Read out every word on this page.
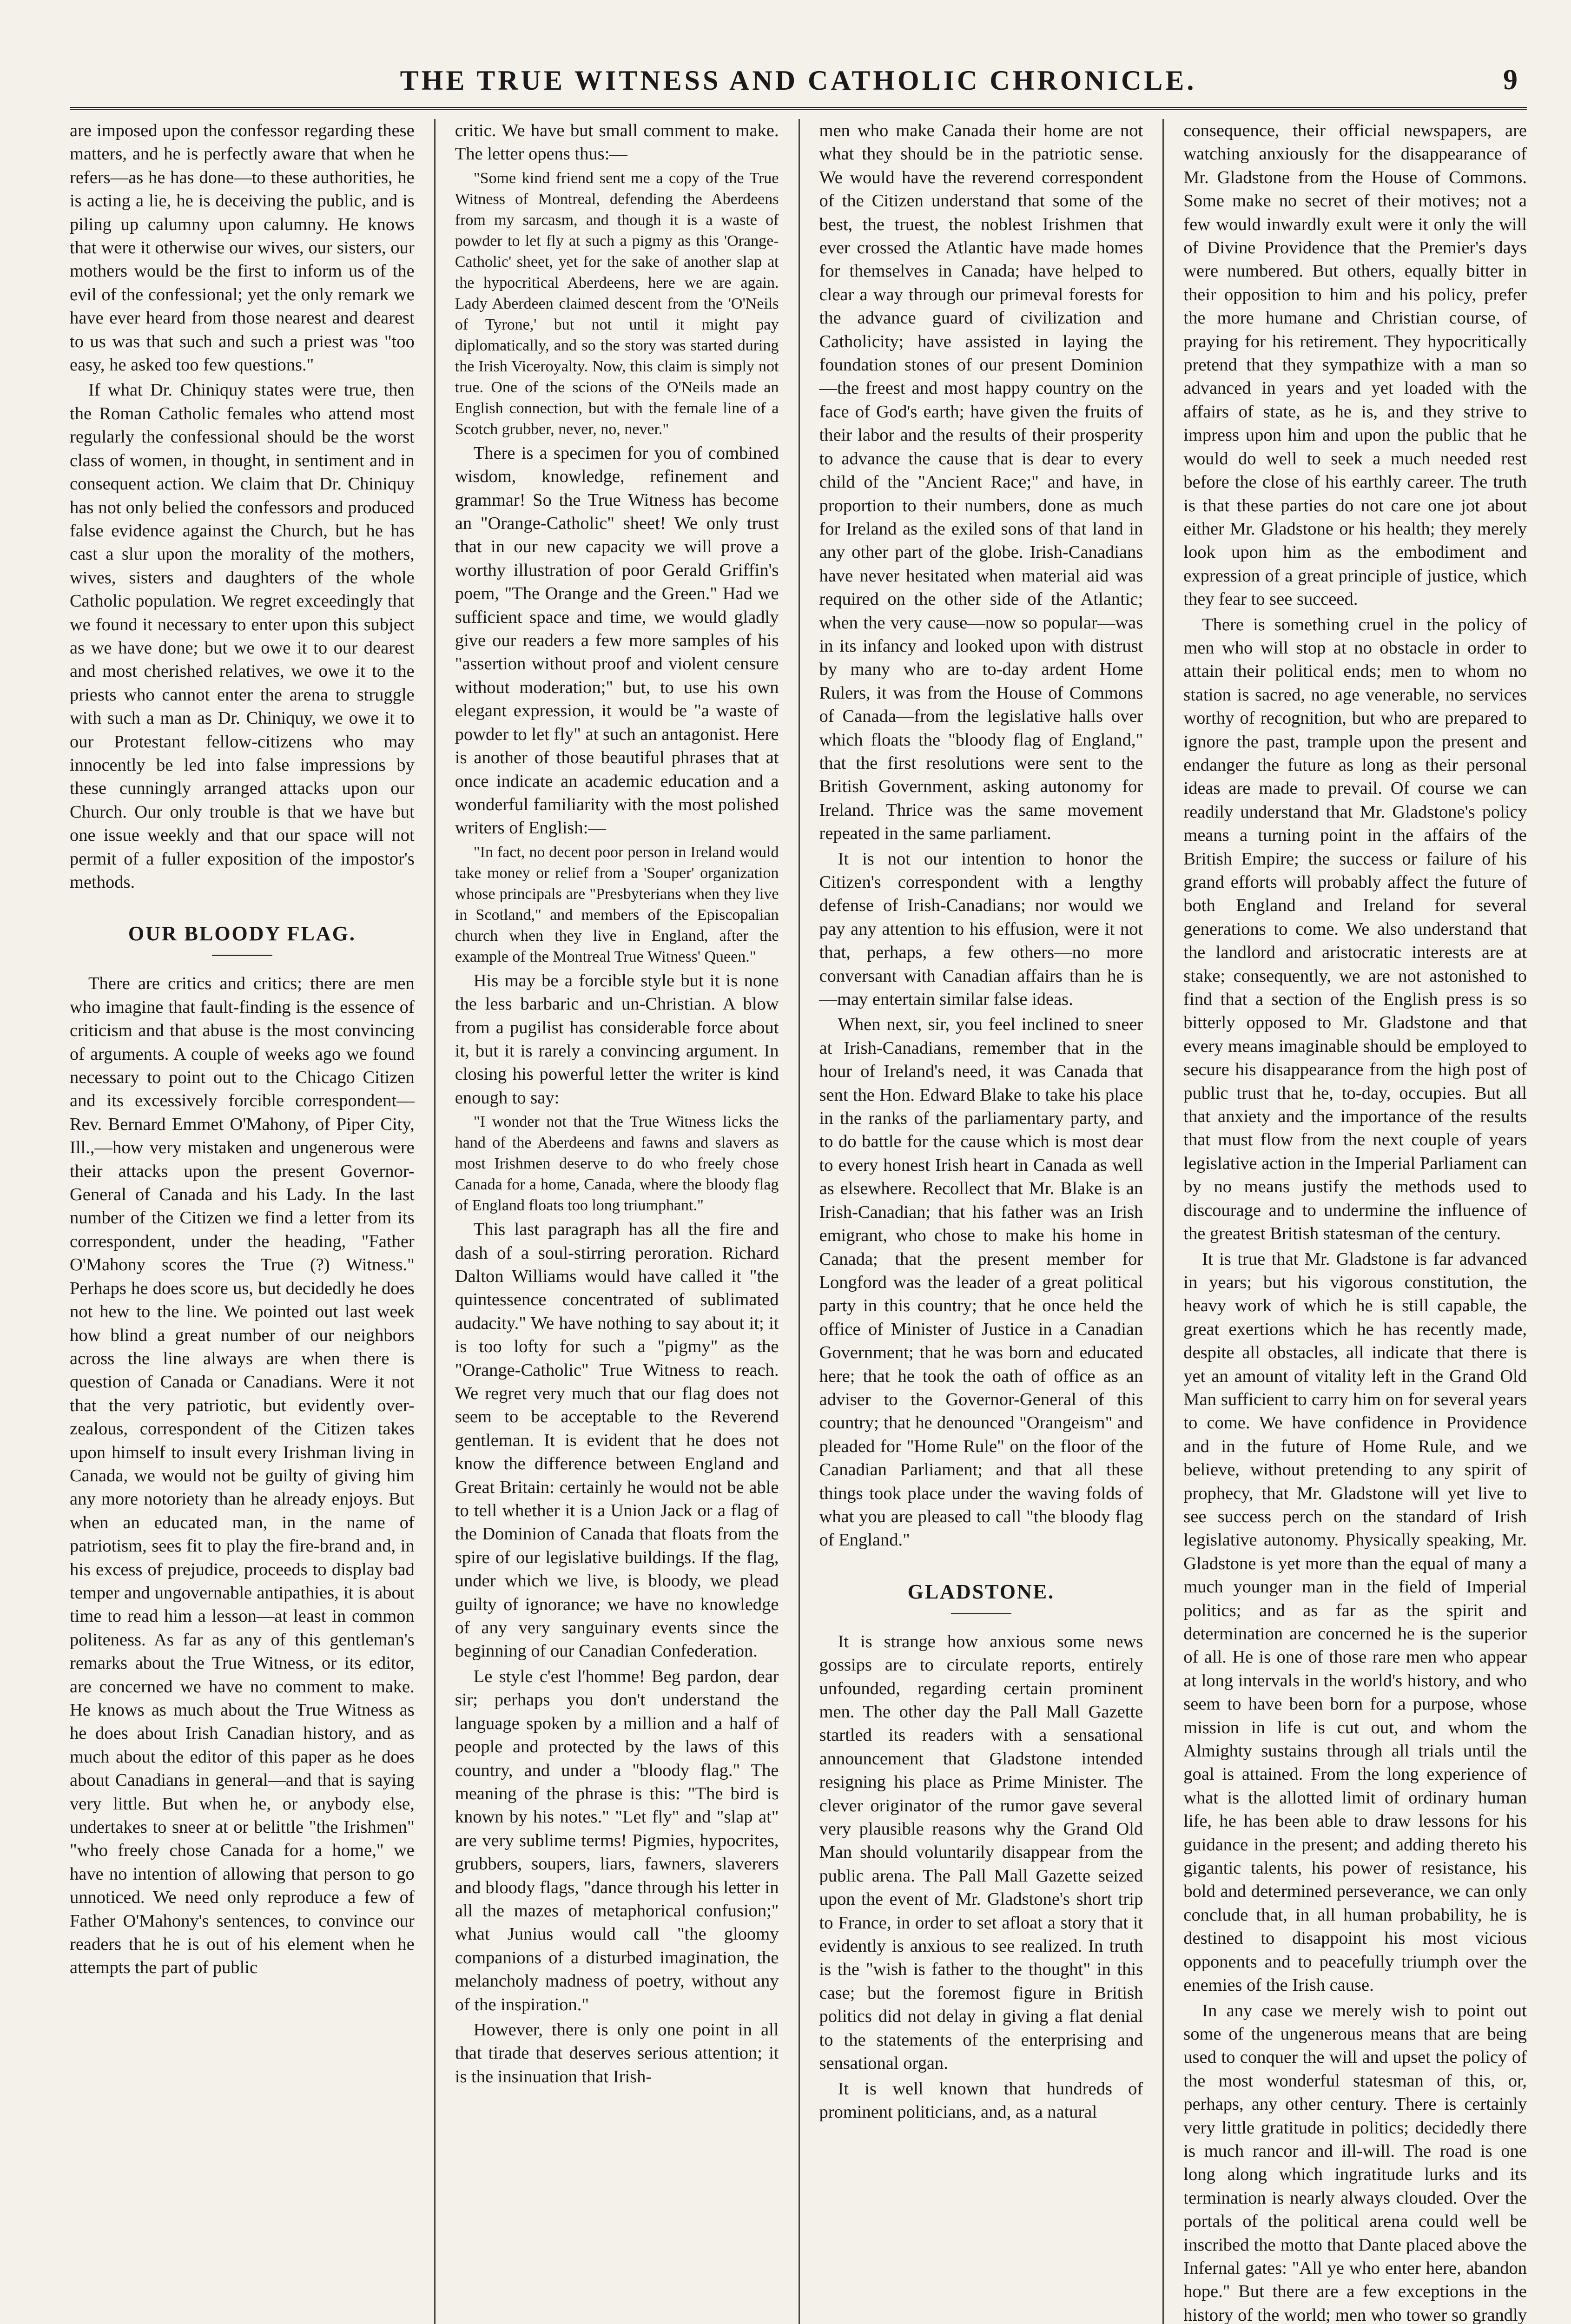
THE TRUE WITNESS AND CATHOLIC CHRONICLE.	9

are imposed upon the confessor regarding these matters, and he is perfectly aware that when he refers—as he has done—to these authorities, he is acting a lie, he is deceiving the public, and is piling up calumny upon calumny. He knows that were it otherwise our wives, our sisters, our mothers would be the first to inform us of the evil of the confessional; yet the only remark we have ever heard from those nearest and dearest to us was that such and such a priest was "too easy, he asked too few questions."

If what Dr. Chiniquy states were true, then the Roman Catholic females who attend most regularly the confessional should be the worst class of women, in thought, in sentiment and in consequent action. We claim that Dr. Chiniquy has not only belied the confessors and produced false evidence against the Church, but he has cast a slur upon the morality of the mothers, wives, sisters and daughters of the whole Catholic population. We regret exceedingly that we found it necessary to enter upon this subject as we have done; but we owe it to our dearest and most cherished relatives, we owe it to the priests who cannot enter the arena to struggle with such a man as Dr. Chiniquy, we owe it to our Protestant fellow-citizens who may innocently be led into false impressions by these cunningly arranged attacks upon our Church. Our only trouble is that we have but one issue weekly and that our space will not permit of a fuller exposition of the impostor's methods.

OUR BLOODY FLAG.

There are critics and critics; there are men who imagine that fault-finding is the essence of criticism and that abuse is the most convincing of arguments. A couple of weeks ago we found necessary to point out to the Chicago Citizen and its excessively forcible correspondent—Rev. Bernard Emmet O'Mahony, of Piper City, Ill.,—how very mistaken and ungenerous were their attacks upon the present Governor-General of Canada and his Lady. In the last number of the Citizen we find a letter from its correspondent, under the heading, "Father O'Mahony scores the True (?) Witness." Perhaps he does score us, but decidedly he does not hew to the line. We pointed out last week how blind a great number of our neighbors across the line always are when there is question of Canada or Canadians. Were it not that the very patriotic, but evidently over-zealous, correspondent of the Citizen takes upon himself to insult every Irishman living in Canada, we would not be guilty of giving him any more notoriety than he already enjoys. But when an educated man, in the name of patriotism, sees fit to play the fire-brand and, in his excess of prejudice, proceeds to display bad temper and ungovernable antipathies, it is about time to read him a lesson—at least in common politeness. As far as any of this gentleman's remarks about the True Witness, or its editor, are concerned we have no comment to make. He knows as much about the True Witness as he does about Irish Canadian history, and as much about the editor of this paper as he does about Canadians in general—and that is saying very little. But when he, or anybody else, undertakes to sneer at or belittle "the Irishmen" "who freely chose Canada for a home," we have no intention of allowing that person to go unnoticed. We need only reproduce a few of Father O'Mahony's sentences, to convince our readers that he is out of his element when he attempts the part of public

critic. We have but small comment to make. The letter opens thus:—

"Some kind friend sent me a copy of the True Witness of Montreal, defending the Aberdeens from my sarcasm, and though it is a waste of powder to let fly at such a pigmy as this 'Orange-Catholic' sheet, yet for the sake of another slap at the hypocritical Aberdeens, here we are again. Lady Aberdeen claimed descent from the 'O'Neils of Tyrone,' but not until it might pay diplomatically, and so the story was started during the Irish Viceroyalty. Now, this claim is simply not true. One of the scions of the O'Neils made an English connection, but with the female line of a Scotch grubber, never, no, never."

There is a specimen for you of combined wisdom, knowledge, refinement and grammar! So the True Witness has become an "Orange-Catholic" sheet! We only trust that in our new capacity we will prove a worthy illustration of poor Gerald Griffin's poem, "The Orange and the Green." Had we sufficient space and time, we would gladly give our readers a few more samples of his "assertion without proof and violent censure without moderation;" but, to use his own elegant expression, it would be "a waste of powder to let fly" at such an antagonist. Here is another of those beautiful phrases that at once indicate an academic education and a wonderful familiarity with the most polished writers of English:—

"In fact, no decent poor person in Ireland would take money or relief from a 'Souper' organization whose principals are "Presbyterians when they live in Scotland," and members of the Episcopalian church when they live in England, after the example of the Montreal True Witness' Queen."

His may be a forcible style but it is none the less barbaric and un-Christian. A blow from a pugilist has considerable force about it, but it is rarely a convincing argument. In closing his powerful letter the writer is kind enough to say:

"I wonder not that the True Witness licks the hand of the Aberdeens and fawns and slavers as most Irishmen deserve to do who freely chose Canada for a home, Canada, where the bloody flag of England floats too long triumphant."

This last paragraph has all the fire and dash of a soul-stirring peroration. Richard Dalton Williams would have called it "the quintessence concentrated of sublimated audacity." We have nothing to say about it; it is too lofty for such a "pigmy" as the "Orange-Catholic" True Witness to reach. We regret very much that our flag does not seem to be acceptable to the Reverend gentleman. It is evident that he does not know the difference between England and Great Britain: certainly he would not be able to tell whether it is a Union Jack or a flag of the Dominion of Canada that floats from the spire of our legislative buildings. If the flag, under which we live, is bloody, we plead guilty of ignorance; we have no knowledge of any very sanguinary events since the beginning of our Canadian Confederation.

Le style c'est l'homme! Beg pardon, dear sir; perhaps you don't understand the language spoken by a million and a half of people and protected by the laws of this country, and under a "bloody flag." The meaning of the phrase is this: "The bird is known by his notes." "Let fly" and "slap at" are very sublime terms! Pigmies, hypocrites, grubbers, soupers, liars, fawners, slaverers and bloody flags, "dance through his letter in all the mazes of metaphorical confusion;" what Junius would call "the gloomy companions of a disturbed imagination, the melancholy madness of poetry, without any of the inspiration."

However, there is only one point in all that tirade that deserves serious attention; it is the insinuation that Irish-

men who make Canada their home are not what they should be in the patriotic sense. We would have the reverend correspondent of the Citizen understand that some of the best, the truest, the noblest Irishmen that ever crossed the Atlantic have made homes for themselves in Canada; have helped to clear a way through our primeval forests for the advance guard of civilization and Catholicity; have assisted in laying the foundation stones of our present Dominion—the freest and most happy country on the face of God's earth; have given the fruits of their labor and the results of their prosperity to advance the cause that is dear to every child of the "Ancient Race;" and have, in proportion to their numbers, done as much for Ireland as the exiled sons of that land in any other part of the globe. Irish-Canadians have never hesitated when material aid was required on the other side of the Atlantic; when the very cause—now so popular—was in its infancy and looked upon with distrust by many who are to-day ardent Home Rulers, it was from the House of Commons of Canada—from the legislative halls over which floats the "bloody flag of England," that the first resolutions were sent to the British Government, asking autonomy for Ireland. Thrice was the same movement repeated in the same parliament.

It is not our intention to honor the Citizen's correspondent with a lengthy defense of Irish-Canadians; nor would we pay any attention to his effusion, were it not that, perhaps, a few others—no more conversant with Canadian affairs than he is—may entertain similar false ideas.

When next, sir, you feel inclined to sneer at Irish-Canadians, remember that in the hour of Ireland's need, it was Canada that sent the Hon. Edward Blake to take his place in the ranks of the parliamentary party, and to do battle for the cause which is most dear to every honest Irish heart in Canada as well as elsewhere. Recollect that Mr. Blake is an Irish-Canadian; that his father was an Irish emigrant, who chose to make his home in Canada; that the present member for Longford was the leader of a great political party in this country; that he once held the office of Minister of Justice in a Canadian Government; that he was born and educated here; that he took the oath of office as an adviser to the Governor-General of this country; that he denounced "Orangeism" and pleaded for "Home Rule" on the floor of the Canadian Parliament; and that all these things took place under the waving folds of what you are pleased to call "the bloody flag of England."

GLADSTONE.

It is strange how anxious some news gossips are to circulate reports, entirely unfounded, regarding certain prominent men. The other day the Pall Mall Gazette startled its readers with a sensational announcement that Gladstone intended resigning his place as Prime Minister. The clever originator of the rumor gave several very plausible reasons why the Grand Old Man should voluntarily disappear from the public arena. The Pall Mall Gazette seized upon the event of Mr. Gladstone's short trip to France, in order to set afloat a story that it evidently is anxious to see realized. In truth is the "wish is father to the thought" in this case; but the foremost figure in British politics did not delay in giving a flat denial to the statements of the enterprising and sensational organ.

It is well known that hundreds of prominent politicians, and, as a natural

consequence, their official newspapers, are watching anxiously for the disappearance of Mr. Gladstone from the House of Commons. Some make no secret of their motives; not a few would inwardly exult were it only the will of Divine Providence that the Premier's days were numbered. But others, equally bitter in their opposition to him and his policy, prefer the more humane and Christian course, of praying for his retirement. They hypocritically pretend that they sympathize with a man so advanced in years and yet loaded with the affairs of state, as he is, and they strive to impress upon him and upon the public that he would do well to seek a much needed rest before the close of his earthly career. The truth is that these parties do not care one jot about either Mr. Gladstone or his health; they merely look upon him as the embodiment and expression of a great principle of justice, which they fear to see succeed.

There is something cruel in the policy of men who will stop at no obstacle in order to attain their political ends; men to whom no station is sacred, no age venerable, no services worthy of recognition, but who are prepared to ignore the past, trample upon the present and endanger the future as long as their personal ideas are made to prevail. Of course we can readily understand that Mr. Gladstone's policy means a turning point in the affairs of the British Empire; the success or failure of his grand efforts will probably affect the future of both England and Ireland for several generations to come. We also understand that the landlord and aristocratic interests are at stake; consequently, we are not astonished to find that a section of the English press is so bitterly opposed to Mr. Gladstone and that every means imaginable should be employed to secure his disappearance from the high post of public trust that he, to-day, occupies. But all that anxiety and the importance of the results that must flow from the next couple of years legislative action in the Imperial Parliament can by no means justify the methods used to discourage and to undermine the influence of the greatest British statesman of the century.

It is true that Mr. Gladstone is far advanced in years; but his vigorous constitution, the heavy work of which he is still capable, the great exertions which he has recently made, despite all obstacles, all indicate that there is yet an amount of vitality left in the Grand Old Man sufficient to carry him on for several years to come. We have confidence in Providence and in the future of Home Rule, and we believe, without pretending to any spirit of prophecy, that Mr. Gladstone will yet live to see success perch on the standard of Irish legislative autonomy. Physically speaking, Mr. Gladstone is yet more than the equal of many a much younger man in the field of Imperial politics; and as far as the spirit and determination are concerned he is the superior of all. He is one of those rare men who appear at long intervals in the world's history, and who seem to have been born for a purpose, whose mission in life is cut out, and whom the Almighty sustains through all trials until the goal is attained. From the long experience of what is the allotted limit of ordinary human life, he has been able to draw lessons for his guidance in the present; and adding thereto his gigantic talents, his power of resistance, his bold and determined perseverance, we can only conclude that, in all human probability, he is destined to disappoint his most vicious opponents and to peacefully triumph over the enemies of the Irish cause.

In any case we merely wish to point out some of the ungenerous means that are being used to conquer the will and upset the policy of the most wonderful statesman of this, or, perhaps, any other century. There is certainly very little gratitude in politics; decidedly there is much rancor and ill-will. The road is one long along which ingratitude lurks and its termination is nearly always clouded. Over the portals of the political arena could well be inscribed the motto that Dante placed above the Infernal gates: "All ye who enter here, abandon hope." But there are a few exceptions in the history of the world; men who tower so grandly
